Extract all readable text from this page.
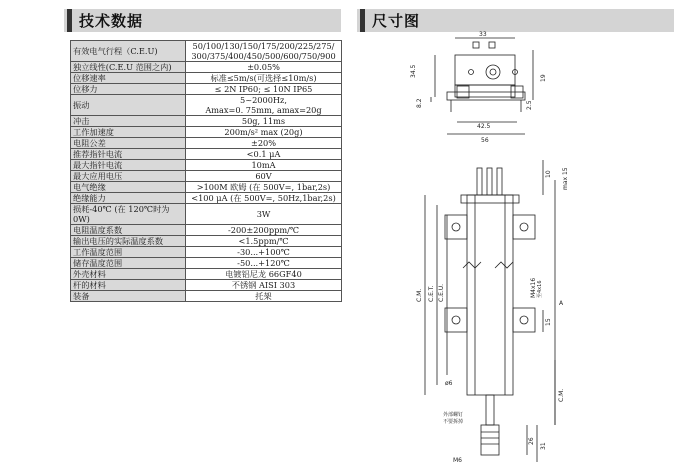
技术数据	尺寸图
有效电气行程（C.E.U)	50/100/130/150/175/200/225/275/
300/375/400/450/500/600/750/900
独立线性(C.E.U 范围之内)	±0.05%
位移速率	标准≤5m/s(可选择≤10m/s)
位移力	≤ 2N IP60; ≤ 10N IP65
振动	5~2000Hz,
Amax=0. 75mm, amax=20g
冲击	50g, 11ms
工作加速度	200m/s² max (20g)
电阻公差	±20%
推荐指针电流	<0.1 μA
最大指针电流	10mA
最大应用电压	60V
电气绝缘	>100M 欧姆 (在 500V=, 1bar,2s)
绝缘能力	<100 μA (在 500V=, 50Hz,1bar,2s)
损耗-40℃ (在 120℃时为 0W)	3W
电阻温度系数	-200±200ppm/℃
输出电压的实际温度系数	<1.5ppm/℃
工作温度范围	-30...+100℃
储存温度范围	-50...+120℃
外壳材料	电镀铝尼龙 66GF40
杆的材料	不锈钢 AISI 303
装备	托架
33
34.5
8.2
19
2.5
42.5
56
10 max 15
C.M. C.E.T. C.E.U.	M4x16 至4x16
A
15
C.M.
ø6
外部螺钉
不要拆掉
26
31
M6
